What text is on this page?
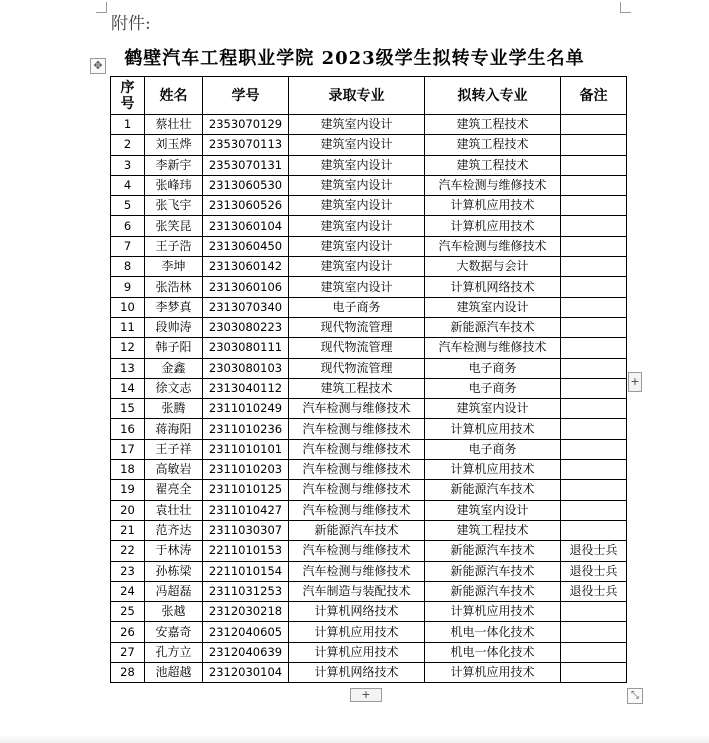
附件:
鹤壁汽车工程职业学院 2023级学生拟转专业学生名单
✥
序
号	姓名	学号	录取专业	拟转入专业	备注
1	蔡壮壮	2353070129	建筑室内设计	建筑工程技术	
2	刘玉烨	2353070113	建筑室内设计	建筑工程技术	
3	李新宇	2353070131	建筑室内设计	建筑工程技术	
4	张峰玮	2313060530	建筑室内设计	汽车检测与维修技术	
5	张飞宇	2313060526	建筑室内设计	计算机应用技术	
6	张笑昆	2313060104	建筑室内设计	计算机应用技术	
7	王子浩	2313060450	建筑室内设计	汽车检测与维修技术	
8	李坤	2313060142	建筑室内设计	大数据与会计	
9	张浩林	2313060106	建筑室内设计	计算机网络技术	
10	李梦真	2313070340	电子商务	建筑室内设计	
11	段帅涛	2303080223	现代物流管理	新能源汽车技术	
12	韩子阳	2303080111	现代物流管理	汽车检测与维修技术	
13	金鑫	2303080103	现代物流管理	电子商务	
14	徐文志	2313040112	建筑工程技术	电子商务	
15	张腾	2311010249	汽车检测与维修技术	建筑室内设计	
16	蒋海阳	2311010236	汽车检测与维修技术	计算机应用技术	
17	王子祥	2311010101	汽车检测与维修技术	电子商务	
18	高敏岩	2311010203	汽车检测与维修技术	计算机应用技术	
19	翟亮全	2311010125	汽车检测与维修技术	新能源汽车技术	
20	袁壮壮	2311010427	汽车检测与维修技术	建筑室内设计	
21	范齐达	2311030307	新能源汽车技术	建筑工程技术	
22	于林涛	2211010153	汽车检测与维修技术	新能源汽车技术	退役士兵
23	孙栋梁	2211010154	汽车检测与维修技术	新能源汽车技术	退役士兵
24	冯超磊	2311031253	汽车制造与装配技术	新能源汽车技术	退役士兵
25	张越	2312030218	计算机网络技术	计算机应用技术	
26	安嘉奇	2312040605	计算机应用技术	机电一体化技术	
27	孔方立	2312040639	计算机应用技术	机电一体化技术	
28	池超越	2312030104	计算机网络技术	计算机应用技术	
+
+	⤡
